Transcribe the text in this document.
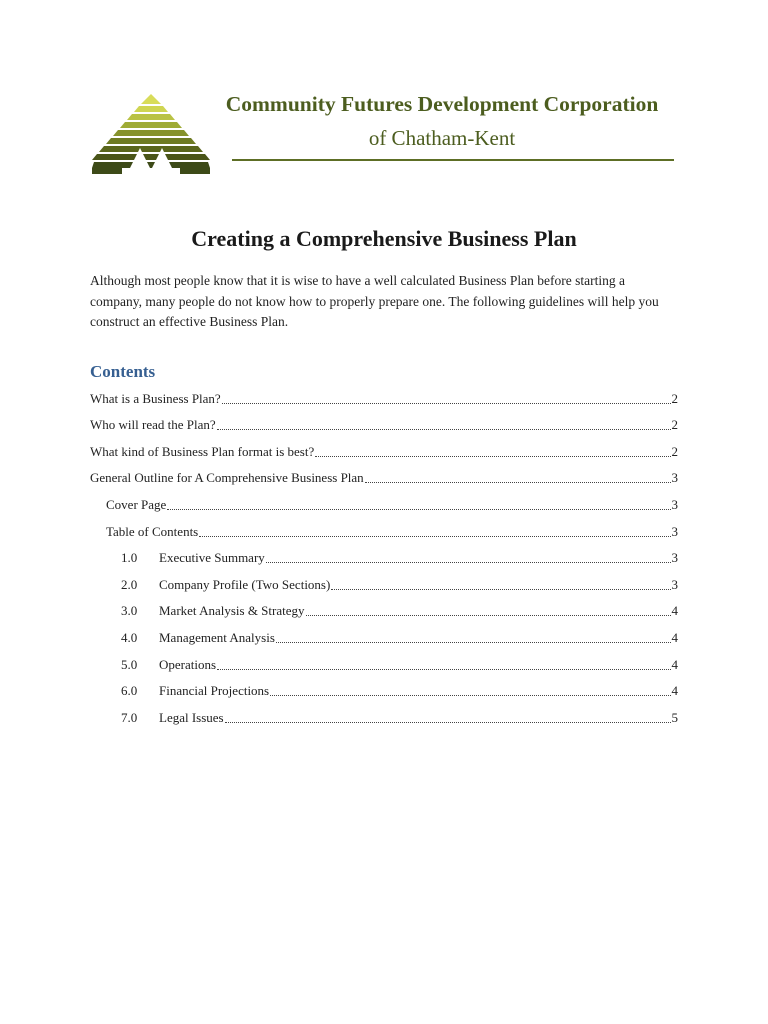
Community Futures Development Corporation
of Chatham-Kent
Creating a Comprehensive Business Plan

Although most people know that it is wise to have a well calculated Business Plan before starting a company, many people do not know how to properly prepare one. The following guidelines will help you construct an effective Business Plan.

Contents
What is a Business Plan?	2
Who will read the Plan?	2
What kind of Business Plan format is best?	2
General Outline for A Comprehensive Business Plan	3
Cover Page	3
Table of Contents	3
1.0	Executive Summary	3
2.0	Company Profile (Two Sections)	3
3.0	Market Analysis & Strategy	4
4.0	Management Analysis	4
5.0	Operations	4
6.0	Financial Projections	4
7.0	Legal Issues	5
